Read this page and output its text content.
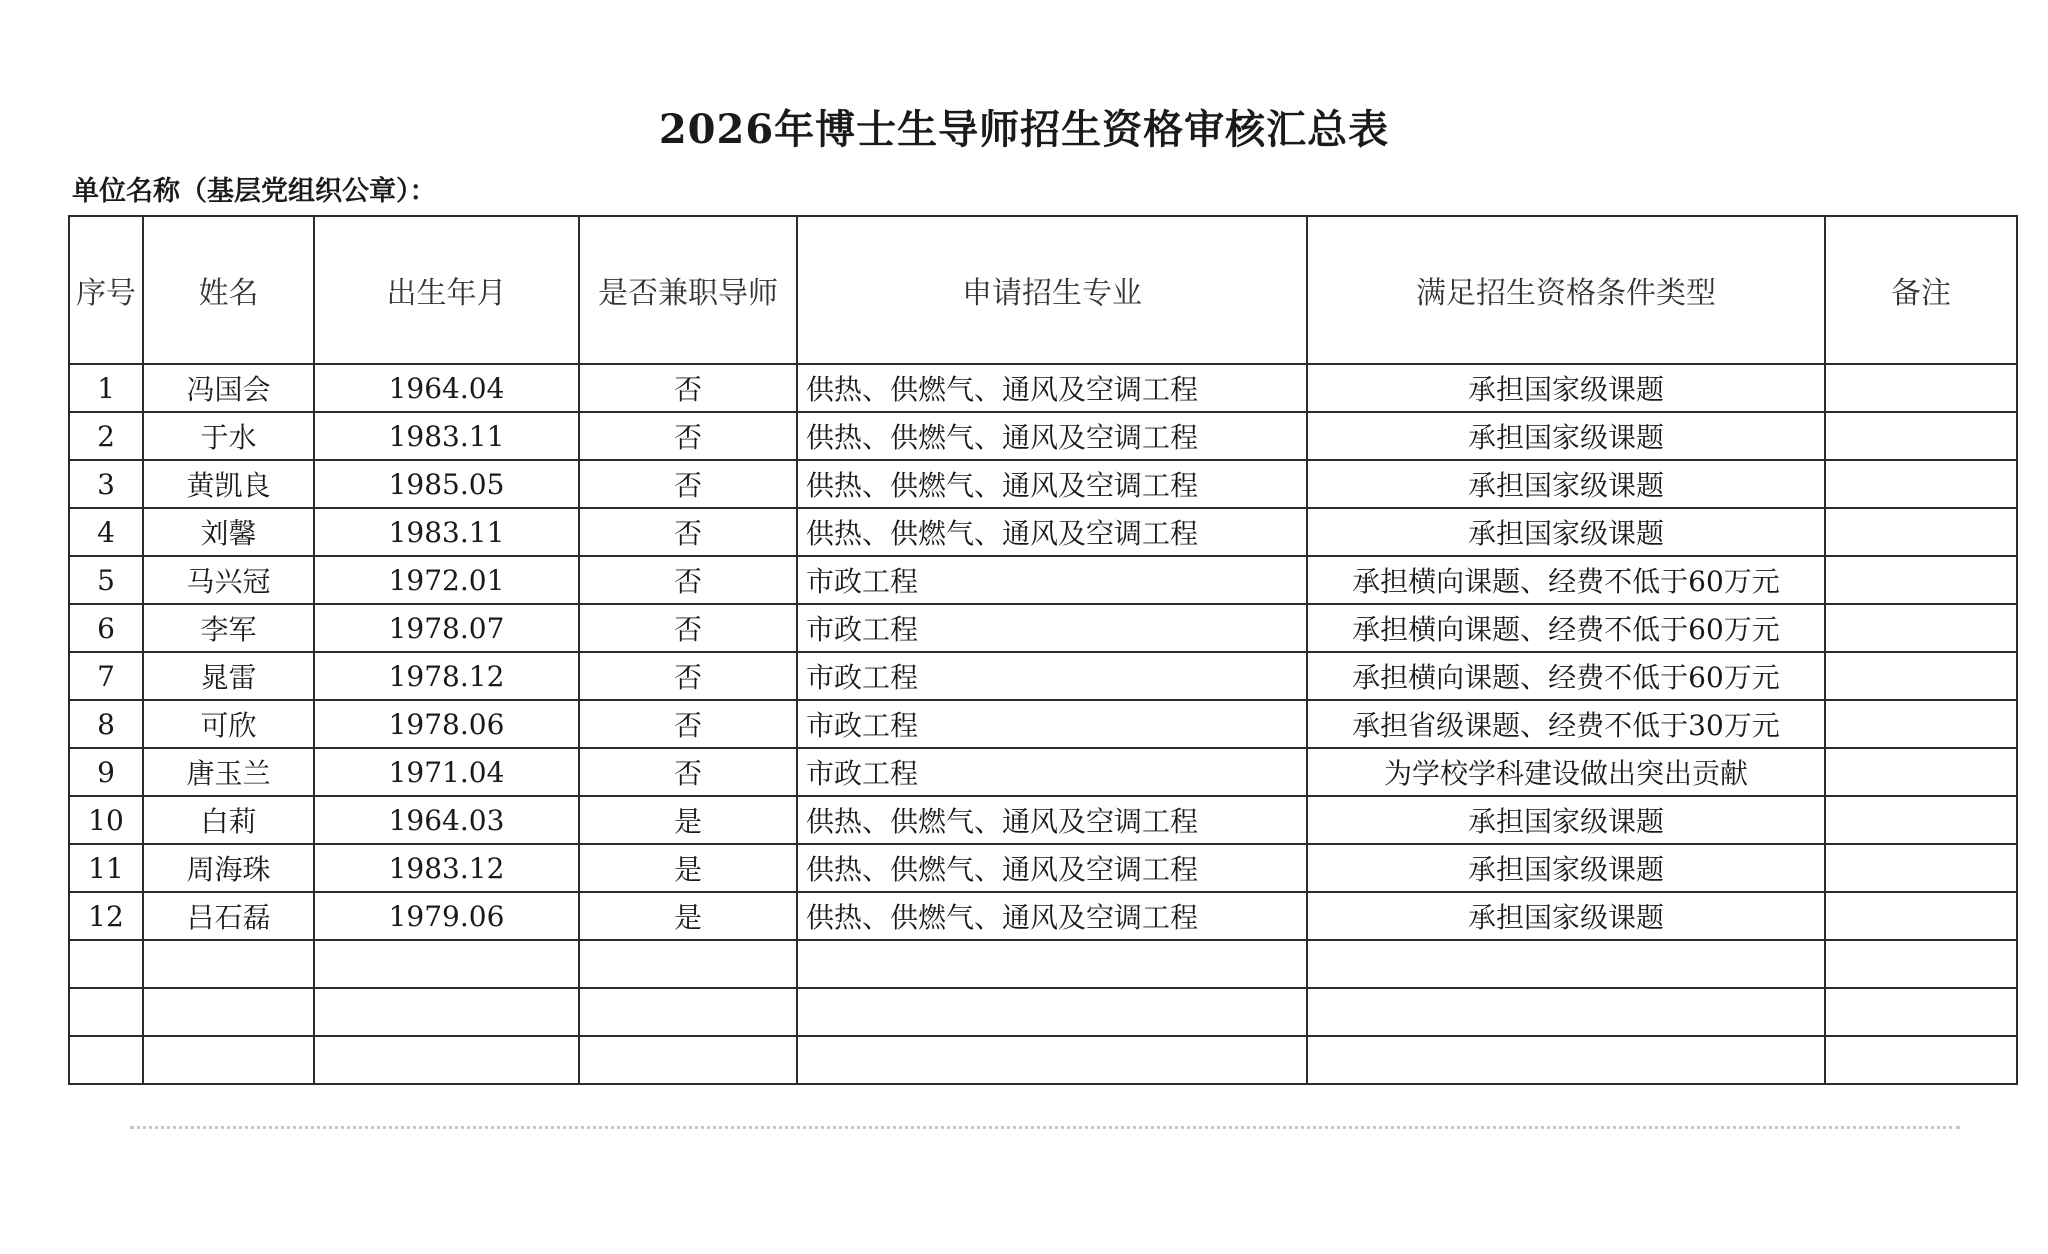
2026年博士生导师招生资格审核汇总表
单位名称（基层党组织公章）：
序号	姓名	出生年月	是否兼职导师	申请招生专业	满足招生资格条件类型	备注
1	冯国会	1964.04	否	供热、供燃气、通风及空调工程	承担国家级课题	
2	于水	1983.11	否	供热、供燃气、通风及空调工程	承担国家级课题	
3	黄凯良	1985.05	否	供热、供燃气、通风及空调工程	承担国家级课题	
4	刘馨	1983.11	否	供热、供燃气、通风及空调工程	承担国家级课题	
5	马兴冠	1972.01	否	市政工程	承担横向课题、经费不低于60万元	
6	李军	1978.07	否	市政工程	承担横向课题、经费不低于60万元	
7	晁雷	1978.12	否	市政工程	承担横向课题、经费不低于60万元	
8	可欣	1978.06	否	市政工程	承担省级课题、经费不低于30万元	
9	唐玉兰	1971.04	否	市政工程	为学校学科建设做出突出贡献	
10	白莉	1964.03	是	供热、供燃气、通风及空调工程	承担国家级课题	
11	周海珠	1983.12	是	供热、供燃气、通风及空调工程	承担国家级课题	
12	吕石磊	1979.06	是	供热、供燃气、通风及空调工程	承担国家级课题	
